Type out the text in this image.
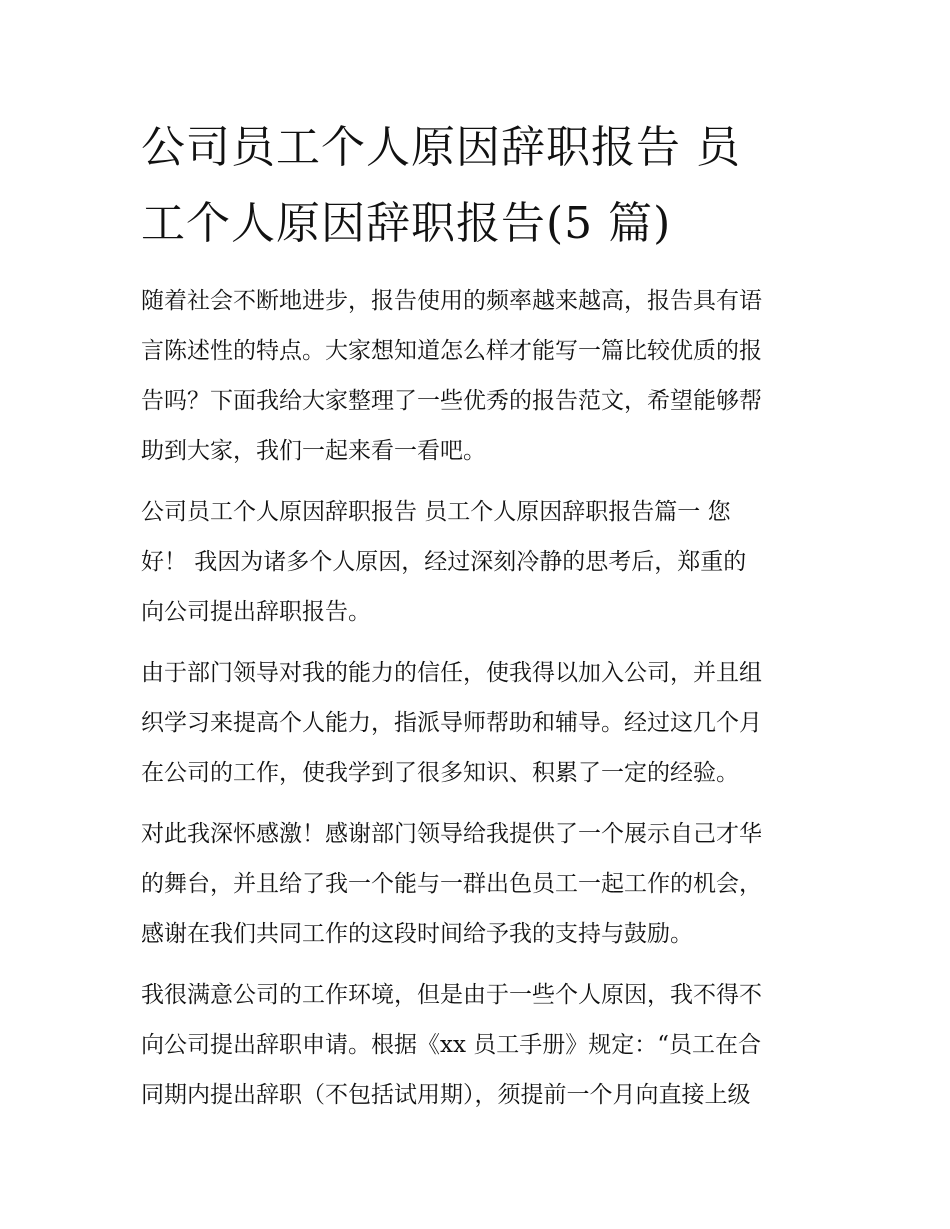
公司员工个人原因辞职报告 员
工个人原因辞职报告(5 篇)

随着社会不断地进步，报告使用的频率越来越高，报告具有语
言陈述性的特点。大家想知道怎么样才能写一篇比较优质的报
告吗？下面我给大家整理了一些优秀的报告范文，希望能够帮
助到大家，我们一起来看一看吧。

公司员工个人原因辞职报告 员工个人原因辞职报告篇一 您
好！ 我因为诸多个人原因，经过深刻冷静的思考后，郑重的
向公司提出辞职报告。

由于部门领导对我的能力的信任，使我得以加入公司，并且组
织学习来提高个人能力，指派导师帮助和辅导。经过这几个月
在公司的工作，使我学到了很多知识、积累了一定的经验。

对此我深怀感激！感谢部门领导给我提供了一个展示自己才华
的舞台，并且给了我一个能与一群出色员工一起工作的机会，
感谢在我们共同工作的这段时间给予我的支持与鼓励。

我很满意公司的工作环境，但是由于一些个人原因，我不得不
向公司提出辞职申请。根据《xx 员工手册》规定：“员工在合
同期内提出辞职（不包括试用期），须提前一个月向直接上级
